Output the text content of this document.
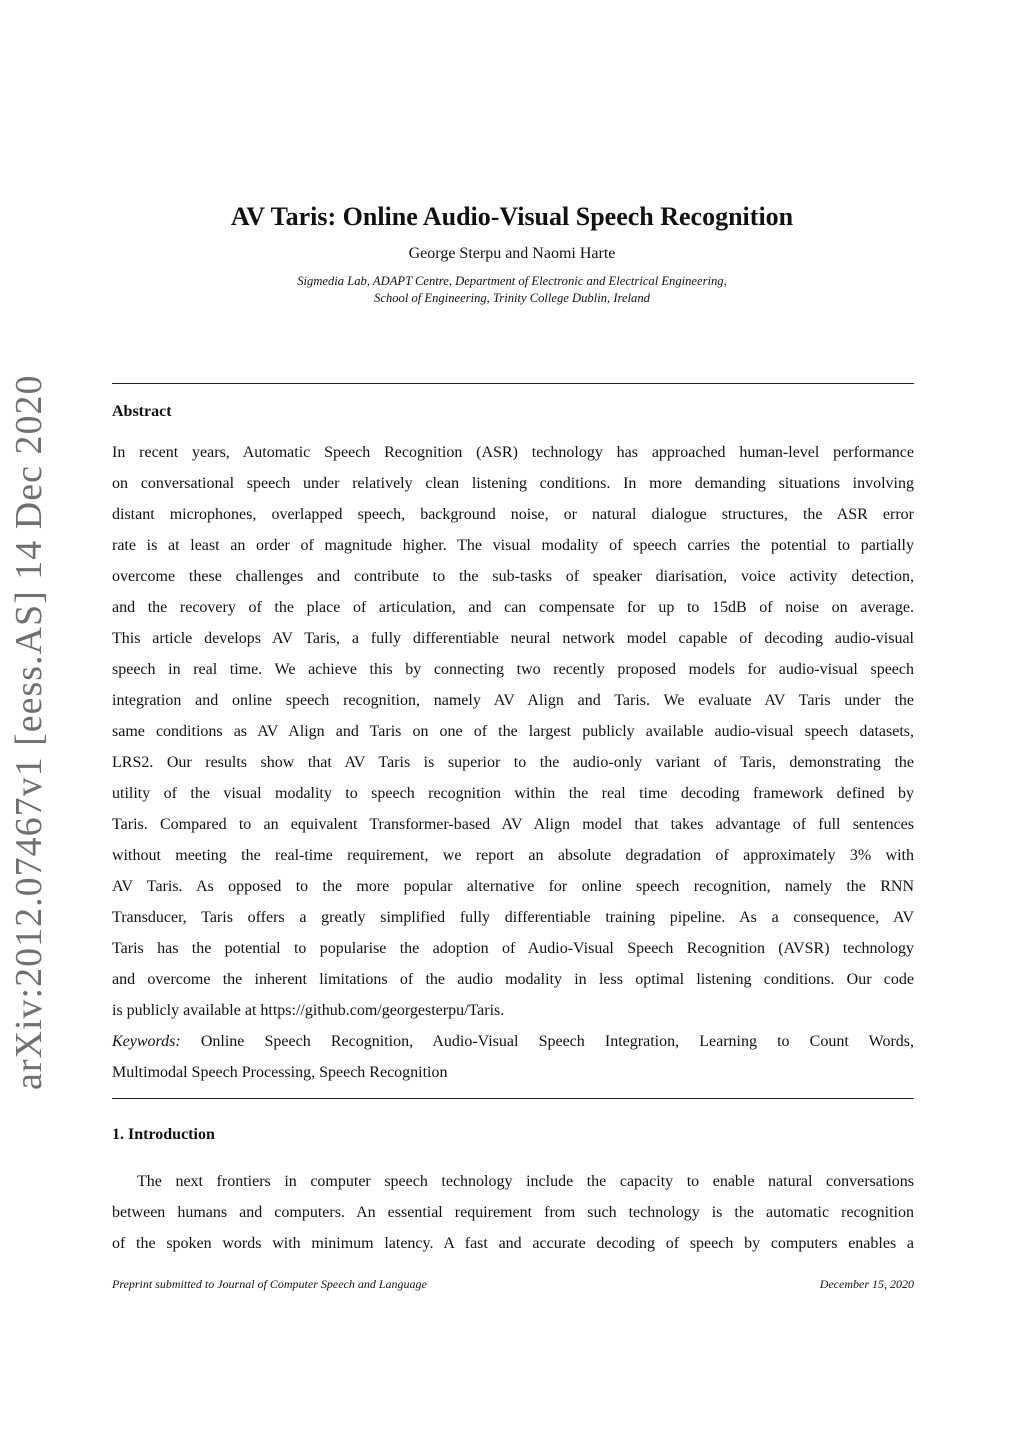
arXiv:2012.07467v1 [eess.AS] 14 Dec 2020
AV Taris: Online Audio-Visual Speech Recognition
George Sterpu and Naomi Harte
Sigmedia Lab, ADAPT Centre, Department of Electronic and Electrical Engineering,
School of Engineering, Trinity College Dublin, Ireland
Abstract
In recent years, Automatic Speech Recognition (ASR) technology has approached human-level performance
on conversational speech under relatively clean listening conditions. In more demanding situations involving
distant microphones, overlapped speech, background noise, or natural dialogue structures, the ASR error
rate is at least an order of magnitude higher. The visual modality of speech carries the potential to partially
overcome these challenges and contribute to the sub-tasks of speaker diarisation, voice activity detection,
and the recovery of the place of articulation, and can compensate for up to 15dB of noise on average.
This article develops AV Taris, a fully differentiable neural network model capable of decoding audio-visual
speech in real time. We achieve this by connecting two recently proposed models for audio-visual speech
integration and online speech recognition, namely AV Align and Taris. We evaluate AV Taris under the
same conditions as AV Align and Taris on one of the largest publicly available audio-visual speech datasets,
LRS2. Our results show that AV Taris is superior to the audio-only variant of Taris, demonstrating the
utility of the visual modality to speech recognition within the real time decoding framework defined by
Taris. Compared to an equivalent Transformer-based AV Align model that takes advantage of full sentences
without meeting the real-time requirement, we report an absolute degradation of approximately 3% with
AV Taris. As opposed to the more popular alternative for online speech recognition, namely the RNN
Transducer, Taris offers a greatly simplified fully differentiable training pipeline. As a consequence, AV
Taris has the potential to popularise the adoption of Audio-Visual Speech Recognition (AVSR) technology
and overcome the inherent limitations of the audio modality in less optimal listening conditions. Our code
is publicly available at https://github.com/georgesterpu/Taris.
Keywords: Online Speech Recognition, Audio-Visual Speech Integration, Learning to Count Words,
Multimodal Speech Processing, Speech Recognition
1. Introduction
The next frontiers in computer speech technology include the capacity to enable natural conversations
between humans and computers. An essential requirement from such technology is the automatic recognition
of the spoken words with minimum latency. A fast and accurate decoding of speech by computers enables a
Preprint submitted to Journal of Computer Speech and Language	December 15, 2020
